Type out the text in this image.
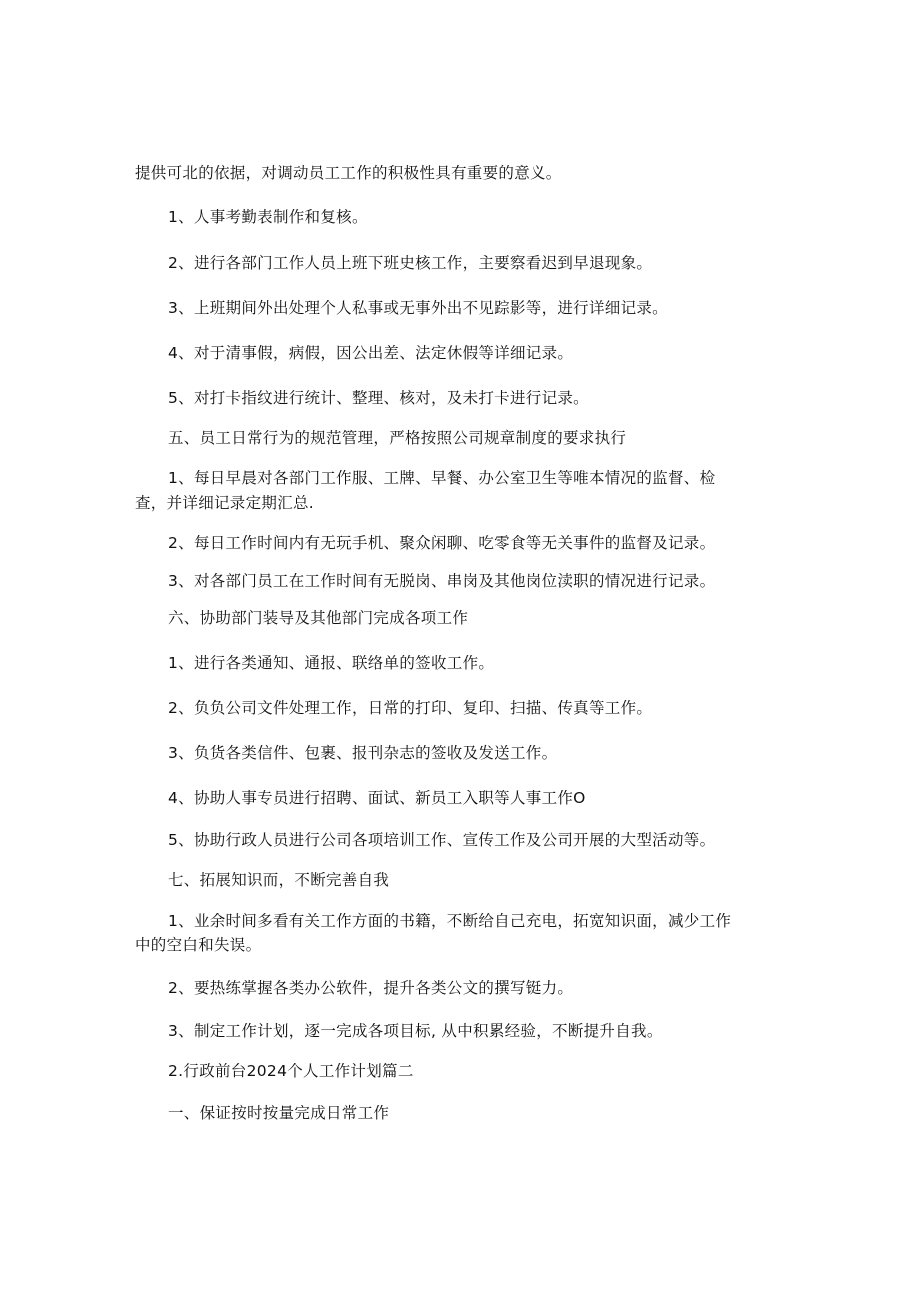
提供可北的依据，对调动员工工作的积极性具有重要的意义。
1、人事考勤表制作和复核。
2、进行各部门工作人员上班下班史核工作，主要察看迟到早退现象。
3、上班期间外出处理个人私事或无事外出不见踪影等，进行详细记录。
4、对于清事假，病假，因公出差、法定休假等详细记录。
5、对打卡指纹进行统计、整理、核对，及未打卡进行记录。
五、员工日常行为的规范管理，严格按照公司规章制度的要求执行
1、每日早晨对各部门工作服、工牌、早餐、办公室卫生等唯本情况的监督、检
查，并详细记录定期汇总.
2、每日工作时间内有无玩手机、聚众闲聊、吃零食等无关事件的监督及记录。
3、对各部门员工在工作时间有无脱岗、串岗及其他岗位渎职的情况进行记录。
六、协助部门装导及其他部门完成各项工作
1、进行各类通知、通报、联络单的签收工作。
2、负负公司文件处理工作，日常的打印、复印、扫描、传真等工作。
3、负货各类信件、包裹、报刊杂志的签收及发送工作。
4、协助人事专员进行招聘、面试、新员工入职等人事工作O
5、协助行政人员进行公司各项培训工作、宣传工作及公司开展的大型活动等。
七、拓展知识而，不断完善自我
1、业余时间多看有关工作方面的书籍，不断给自己充电，拓宽知识面，减少工作
中的空白和失误。
2、要热练掌握各类办公软件，提升各类公文的撰写铤力。
3、制定工作计划，逐一完成各项目标, 从中积累经验，不断提升自我。
2.行政前台2024个人工作计划篇二
一、保证按时按量完成日常工作
